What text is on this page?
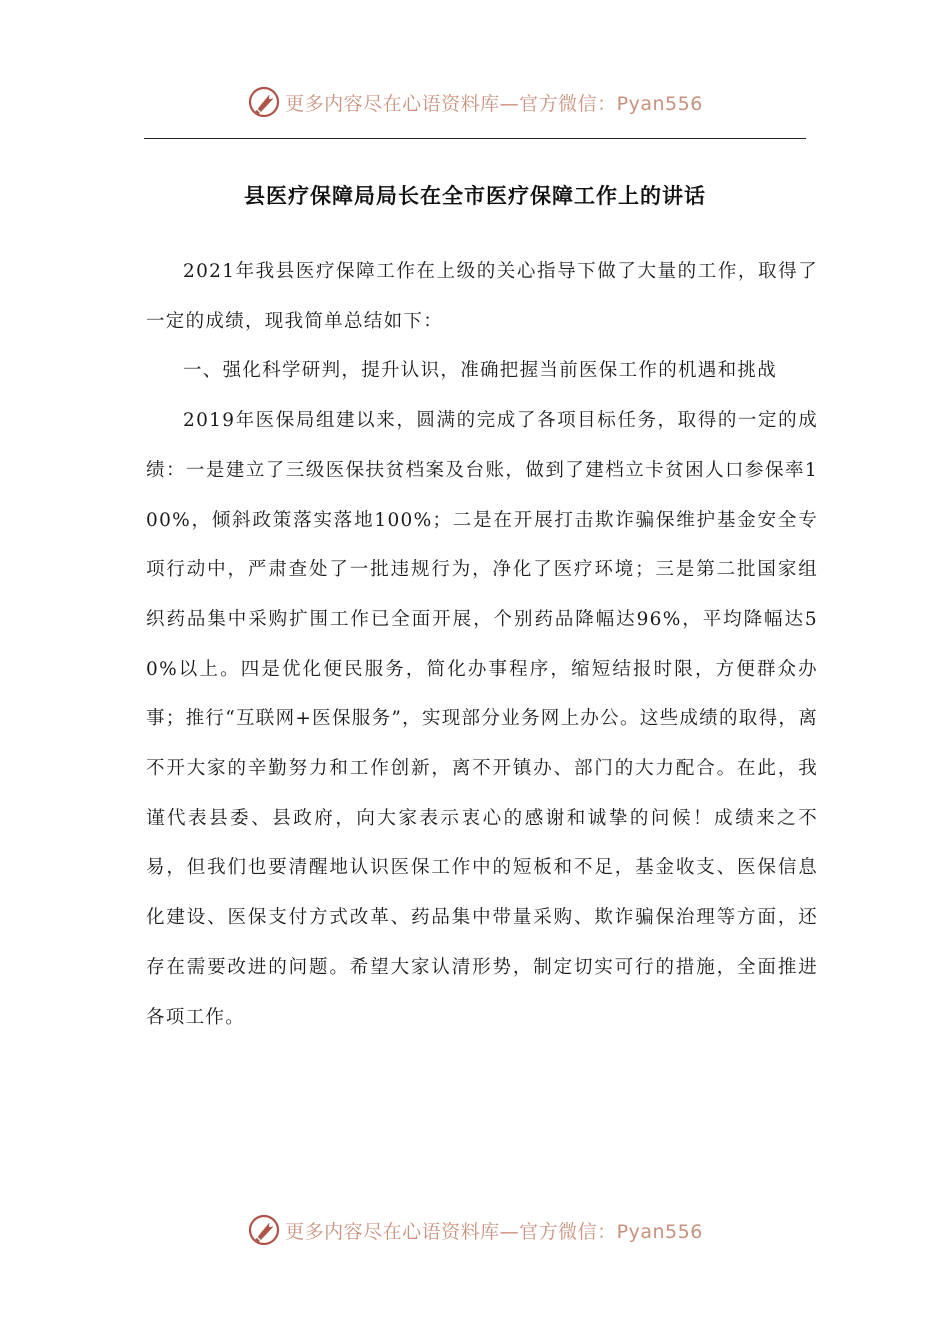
更多内容尽在心语资料库—官方微信：Pyan556
县医疗保障局局长在全市医疗保障工作上的讲话

2021年我县医疗保障工作在上级的关心指导下做了大量的工作，取得了一定的成绩，现我简单总结如下：

一、强化科学研判，提升认识，准确把握当前医保工作的机遇和挑战

2019年医保局组建以来，圆满的完成了各项目标任务，取得的一定的成绩：一是建立了三级医保扶贫档案及台账，做到了建档立卡贫困人口参保率100%，倾斜政策落实落地100%；二是在开展打击欺诈骗保维护基金安全专项行动中，严肃查处了一批违规行为，净化了医疗环境；三是第二批国家组织药品集中采购扩围工作已全面开展，个别药品降幅达96%，平均降幅达50%以上。四是优化便民服务，简化办事程序，缩短结报时限，方便群众办事；推行“互联网+医保服务”，实现部分业务网上办公。这些成绩的取得，离不开大家的辛勤努力和工作创新，离不开镇办、部门的大力配合。在此，我谨代表县委、县政府，向大家表示衷心的感谢和诚挚的问候！成绩来之不易，但我们也要清醒地认识医保工作中的短板和不足，基金收支、医保信息化建设、医保支付方式改革、药品集中带量采购、欺诈骗保治理等方面，还存在需要改进的问题。希望大家认清形势，制定切实可行的措施，全面推进各项工作。

更多内容尽在心语资料库—官方微信：Pyan556
